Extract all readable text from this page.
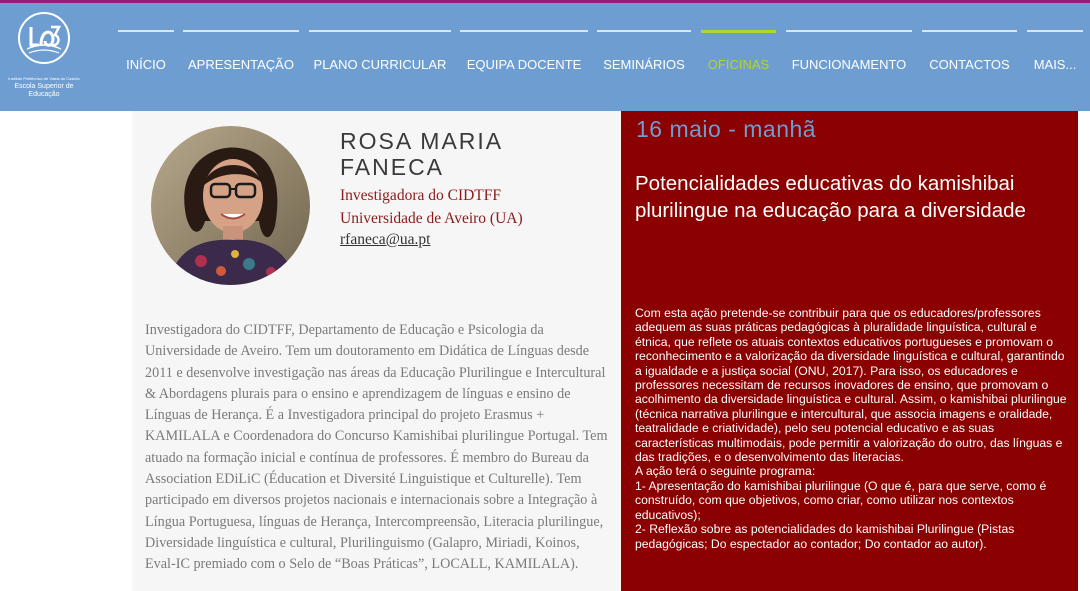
Instituto Politécnico de Viana do Castelo
Escola Superior de Educação
INÍCIO	APRESENTAÇÃO	PLANO CURRICULAR	EQUIPA DOCENTE	SEMINÁRIOS	OFICINAS	FUNCIONAMENTO	CONTACTOS	MAIS...
ROSA MARIA FANECA
Investigadora do CIDTFF
Universidade de Aveiro (UA)
rfaneca@ua.pt
Investigadora do CIDTFF, Departamento de Educação e Psicologia da Universidade de Aveiro. Tem um doutoramento em Didática de Línguas desde 2011 e desenvolve investigação nas áreas da Educação Plurilingue e Intercultural & Abordagens plurais para o ensino e aprendizagem de línguas e ensino de Línguas de Herança. É a Investigadora principal do projeto Erasmus + KAMILALA e Coordenadora do Concurso Kamishibai plurilingue Portugal. Tem atuado na formação inicial e contínua de professores. É membro do Bureau da Association EDiLiC (Éducation et Diversité Linguistique et Culturelle). Tem participado em diversos projetos nacionais e internacionais sobre a Integração à Língua Portuguesa, línguas de Herança, Intercompreensão, Literacia plurilingue, Diversidade linguística e cultural, Plurilinguismo (Galapro, Miriadi, Koinos, Eval-IC premiado com o Selo de “Boas Práticas”, LOCALL, KAMILALA).
16 maio - manhã
Potencialidades educativas do kamishibai plurilingue na educação para a diversidade

Com esta ação pretende-se contribuir para que os educadores/professores adequem as suas práticas pedagógicas à pluralidade linguística, cultural e étnica, que reflete os atuais contextos educativos portugueses e promovam o reconhecimento e a valorização da diversidade linguística e cultural, garantindo a igualdade e a justiça social (ONU, 2017). Para isso, os educadores e professores necessitam de recursos inovadores de ensino, que promovam o acolhimento da diversidade linguística e cultural. Assim, o kamishibai plurilingue (técnica narrativa plurilingue e intercultural, que associa imagens e oralidade, teatralidade e criatividade), pelo seu potencial educativo e as suas características multimodais, pode permitir a valorização do outro, das línguas e das tradições, e o desenvolvimento das literacias.

A ação terá o seguinte programa:

1- Apresentação do kamishibai plurilingue (O que é, para que serve, como é construído, com que objetivos, como criar, como utilizar nos contextos educativos);

2- Reflexão sobre as potencialidades do kamishibai Plurilingue (Pistas pedagógicas; Do espectador ao contador; Do contador ao autor).
